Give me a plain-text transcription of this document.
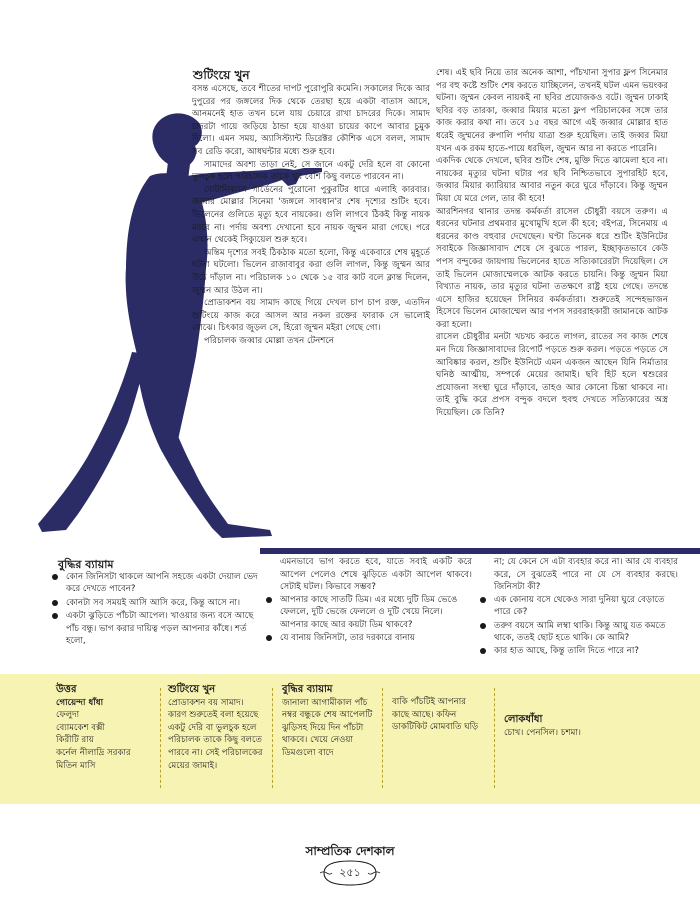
শুটিংয়ে খুন

বসন্ত এসেছে, তবে শীতের দাপট পুরোপুরি কমেনি। সকালের দিকে আর দুপুরের পর জঙ্গলের দিক থেকে তেরছা হয়ে একটা বাতাস আসে, আনমনেই হাত তখন চলে যায় চেয়ারে রাখা চাদরের দিকে। সামাদ চাদরটা গায়ে জড়িয়ে ঠান্ডা হয়ে যাওয়া চায়ের কাপে আবার চুমুক দিলো। এমন সময়, অ্যাসিস্ট্যান্ট ডিরেক্টর কৌশিক এসে বলল, সামাদ সব রেডি করো, আধঘন্টার মধ্যে শুরু হবে।

সামাদের অবশ্য তাড়া নেই, সে জানে একটু দেরি হলে বা কোনো ভুলচুক হলে পরিচালক তাকে খুব বেশি কিছু বলতে পারবেন না।

বোটানিক্যাল গার্ডেনের পুরোনো পুকুরটির ধারে এলাহি কারবার। জব্বার মোল্লার সিনেমা 'জঙ্গলে সাবধান'র শেষ দৃশ্যের শুটিং হবে। ভিলেনের গুলিতে মৃত্যু হবে নায়কের। গুলি লাগবে ঠিকই কিন্তু নায়ক মরবে না। পর্দায় অবশ্য দেখানো হবে নায়ক জুম্মন মারা গেছে। পরে এখান থেকেই সিক্যুয়েল শুরু হবে।

অন্তিম দৃশ্যের সবই ঠিকঠাক মতো হলো, কিন্তু একেবারে শেষ মুহূর্তে ঘটনা ঘটলো। ভিলেন রাজাবাবুর করা গুলি লাগল, কিন্তু জুম্মন আর উঠে দাঁড়াল না। পরিচালক ১০ থেকে ১৫ বার কাট বলে ক্লান্ত দিলেন, জুম্মন আর উঠল না।

প্রোডাকশন বয় সামাদ কাছে গিয়ে দেখল চাপ চাপ রক্ত, এতদিন শুটিংয়ে কাজ করে আসল আর নকল রক্তের ফারাক সে ভালোই বোঝে। চিৎকার জুড়ল সে, হিরো জুম্মন মইরা গেছে গো।

পরিচালক জব্বার মোল্লা তখন টেনশনে

শেষ। এই ছবি নিয়ে তার অনেক আশা, পাঁচখানা সুপার ফ্লপ সিনেমার পর বহু কষ্টে শুটিং শেষ করতে যাচ্ছিলেন, তখনই ঘটল এমন ভয়ংকর ঘটনা। জুম্মন কেবল নায়কই না ছবির প্রযোজকও বটে। জুম্মন ঢাকাই ছবির বড় তারকা, জব্বার মিয়ার মতো ফ্লপ পরিচালকের সঙ্গে তার কাজ করার কথা না। তবে ১৫ বছর আগে এই জব্বার মোল্লার হাত ধরেই জুম্মনের রুপালি পর্দায় যাত্রা শুরু হয়েছিল। তাই জব্বর মিয়া যখন এক রকম হাতে-পায়ে ধরছিল, জুম্মন আর না করতে পারেনি।

একদিক থেকে দেখলে, ছবির শুটিং শেষ, মুক্তি দিতে ঝামেলা হবে না। নায়কের মৃত্যুর ঘটনা ঘটার পর ছবি নিশ্চিতভাবে সুপারহিট হবে, জব্বার মিয়ার ক্যারিয়ার আবার নতুন করে ঘুরে দাঁড়াবে। কিন্তু জুম্মন মিয়া যে মরে গেল, তার কী হবে!

আরশিনগর থানার তদন্ত কর্মকর্তা রাসেল চৌধুরী বয়সে তরুণ। এ ধরনের ঘটনার প্রথমবার মুখোমুখি হলে কী হবে; বইপত্র, সিনেমায় এ ধরনের কাণ্ড বহুবার দেখেছেন। ঘণ্টা তিনেক ধরে শুটিং ইউনিটের সবাইকে জিজ্ঞাসাবাদ শেষে সে বুঝতে পারল, ইচ্ছাকৃতভাবে কেউ পপস বন্দুকের জায়গায় ভিলেনের হাতে সত্যিকারেরটা দিয়েছিল। সে তাই ভিলেন মোজাম্মেলকে আটক করতে চায়নি। কিন্তু জুম্মন মিয়া বিখ্যাত নায়ক, তার মৃত্যুর ঘটনা ততক্ষণে রাষ্ট্র হয়ে গেছে। তদন্তে এসে হাজির হয়েছেন সিনিয়র কর্মকর্তারা। শুরুতেই সন্দেহভাজন হিসেবে ভিলেন মোজাম্মেল আর পপস সরবরাহকারী জামানকে আটক করা হলো।

রাসেল চৌধুরীর মনটা খচখচ করতে লাগল, রাতের সব কাজ শেষে মন দিয়ে জিজ্ঞাসাবাদের রিপোর্ট পড়তে শুরু করল। পড়তে পড়তে সে আবিষ্কার করল, শুটিং ইউনিটে এমন একজন আছেন যিনি নির্মাতার ঘনিষ্ঠ আত্মীয়, সম্পর্কে মেয়ের জামাই। ছবি হিট হলে শ্বশুরের প্রযোজনা সংস্থা ঘুরে দাঁড়াবে, তাহও আর কোনো চিন্তা থাকবে না। তাই বুদ্ধি করে প্রপস বন্দুক বদলে হুবহু দেখতে সত্যিকারের অস্ত্র দিয়েছিল। কে তিনি?

বুদ্ধির ব্যায়াম
কোন জিনিসটা থাকলে আপনি সহজে একটা দেয়াল ভেদ করে দেখতে পাবেন?
কোনটা সব সময়ই আসি আসি করে, কিন্তু আসে না।
একটা ঝুড়িতে পাঁচটা আপেল। খাওয়ার জন্য বসে আছে পাঁচ বন্ধু। ভাগ করার দায়িত্ব পড়ল আপনার কাঁধে। শর্ত হলো,
এমনভাবে ভাগ করতে হবে, যাতে সবাই একটি করে আপেল পেলেও শেষে ঝুড়িতে একটা আপেল থাকবে। সেটাই ঘটল। কিভাবে সম্ভব?
আপনার কাছে সাতটি ডিম। এর মধ্যে দুটি ডিম ভেঙে ফেললে, দুটি ভেজে ফেললে ও দুটি খেয়ে নিলে। আপনার কাছে আর কয়টা ডিম থাকবে?
যে বানায় জিনিসটা, তার দরকারে বানায়
না; যে কেনে সে এটা ব্যবহার করে না। আর যে ব্যবহার করে, সে বুঝতেই পারে না যে সে ব্যবহার করছে। জিনিসটা কী?
এক কোনায় বসে থেকেও সারা দুনিয়া ঘুরে বেড়াতে পারে কে?
তরুণ বয়সে আমি লম্বা থাকি। কিন্তু আয়ু যত কমতে থাকে, ততই ছোট হতে থাকি। কে আমি?
কার হাত আছে, কিন্তু তালি দিতে পারে না?
উত্তর
গোয়েন্দা ধাঁধা
ফেলুদা
ব্যোমকেশ বক্সী
কিরীটি রায়
কর্নেল নীলাদ্রি সরকার
মিতিন মাসি
শুটিংয়ে খুন
প্রোডাকশন বয় সামাদ। কারণ শুরুতেই বলা হয়েছে একটু দেরি বা ভুলচুক হলে পরিচালক তাকে কিছু বলতে পারবে না। সেই পরিচালকের মেয়ের জামাই।
বুদ্ধির ব্যায়াম
জানালা আগামীকাল পাঁচ নম্বর বন্ধুকে শেষ আপেলটি ঝুড়িসহ দিয়ে দিন পাঁচটা থাকবে। খেয়ে নেওয়া ডিমগুলো বাদে
বাকি পাঁচটিই আপনার কাছে আছে। কফিন ডাকটিকিট মোমবাতি ঘড়ি
লোকধাঁধা
চোখ। পেনসিল। চশমা।
সাম্প্রতিক দেশকাল
২৫১
